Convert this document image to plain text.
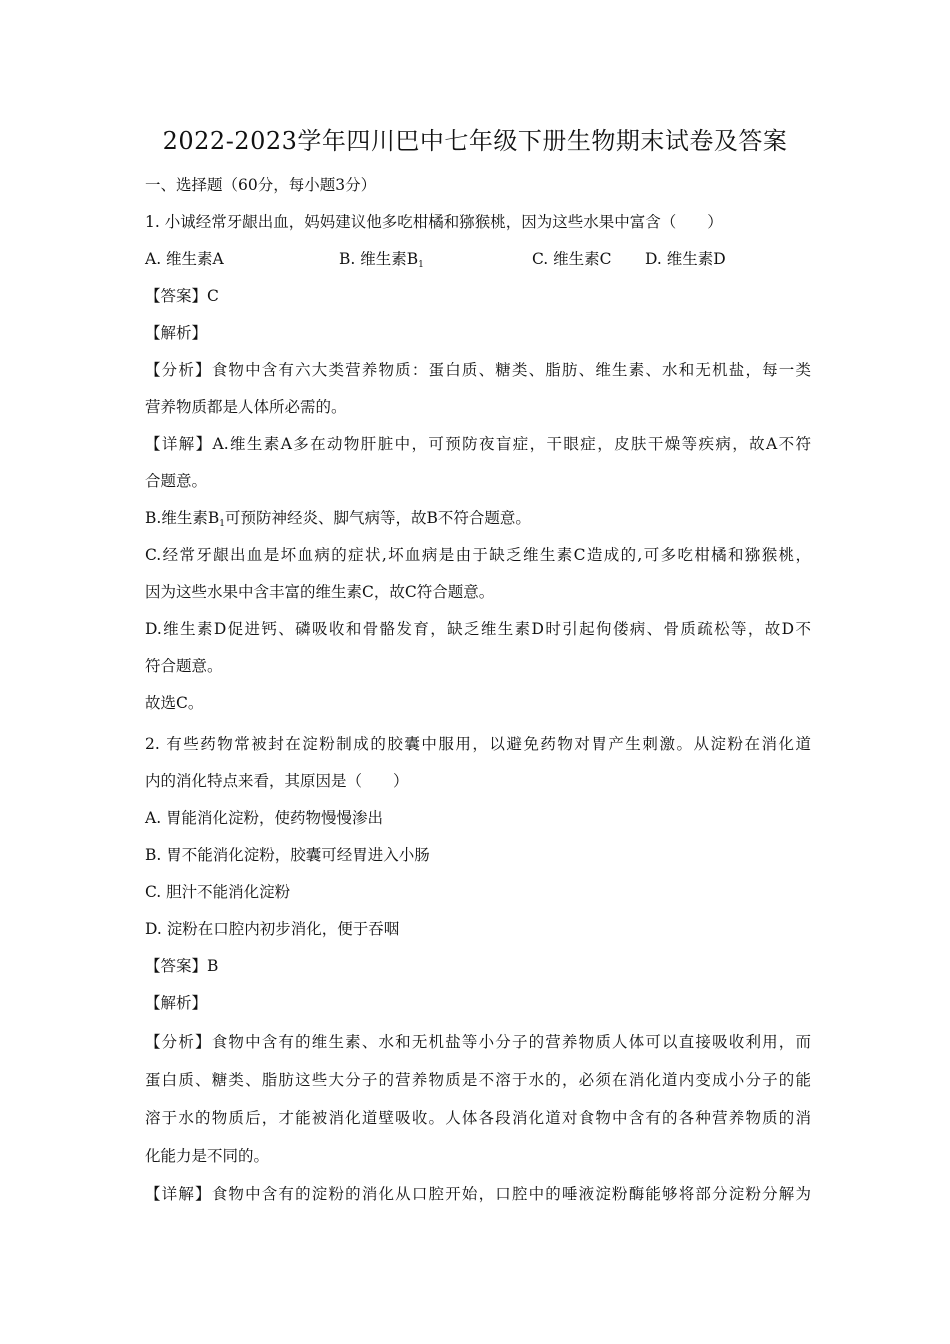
2022-2023学年四川巴中七年级下册生物期末试卷及答案
一、选择题（60分，每小题3分）
1. 小诚经常牙龈出血，妈妈建议他多吃柑橘和猕猴桃，因为这些水果中富含（　　）
A. 维生素A	B. 维生素$B_1$	C. 维生素C D. 维生素D
【答案】C
【解析】
【分析】食物中含有六大类营养物质：蛋白质、糖类、脂肪、维生素、水和无机盐，每一类
营养物质都是人体所必需的。
【详解】A.维生素A多在动物肝脏中，可预防夜盲症，干眼症，皮肤干燥等疾病，故A不符
合题意。
B.维生素$B_1$可预防神经炎、脚气病等，故B不符合题意。
C.经常牙龈出血是坏血病的症状,坏血病是由于缺乏维生素C造成的,可多吃柑橘和猕猴桃，
因为这些水果中含丰富的维生素C，故C符合题意。
D.维生素D促进钙、磷吸收和骨骼发育，缺乏维生素D时引起佝偻病、骨质疏松等，故D不
符合题意。
故选C。
2. 有些药物常被封在淀粉制成的胶囊中服用，以避免药物对胃产生刺激。从淀粉在消化道
内的消化特点来看，其原因是（　　）
A. 胃能消化淀粉，使药物慢慢渗出
B. 胃不能消化淀粉，胶囊可经胃进入小肠
C. 胆汁不能消化淀粉
D. 淀粉在口腔内初步消化，便于吞咽
【答案】B
【解析】
【分析】食物中含有的维生素、水和无机盐等小分子的营养物质人体可以直接吸收利用，而
蛋白质、糖类、脂肪这些大分子的营养物质是不溶于水的，必须在消化道内变成小分子的能
溶于水的物质后，才能被消化道壁吸收。人体各段消化道对食物中含有的各种营养物质的消
化能力是不同的。
【详解】食物中含有的淀粉的消化从口腔开始，口腔中的唾液淀粉酶能够将部分淀粉分解为
